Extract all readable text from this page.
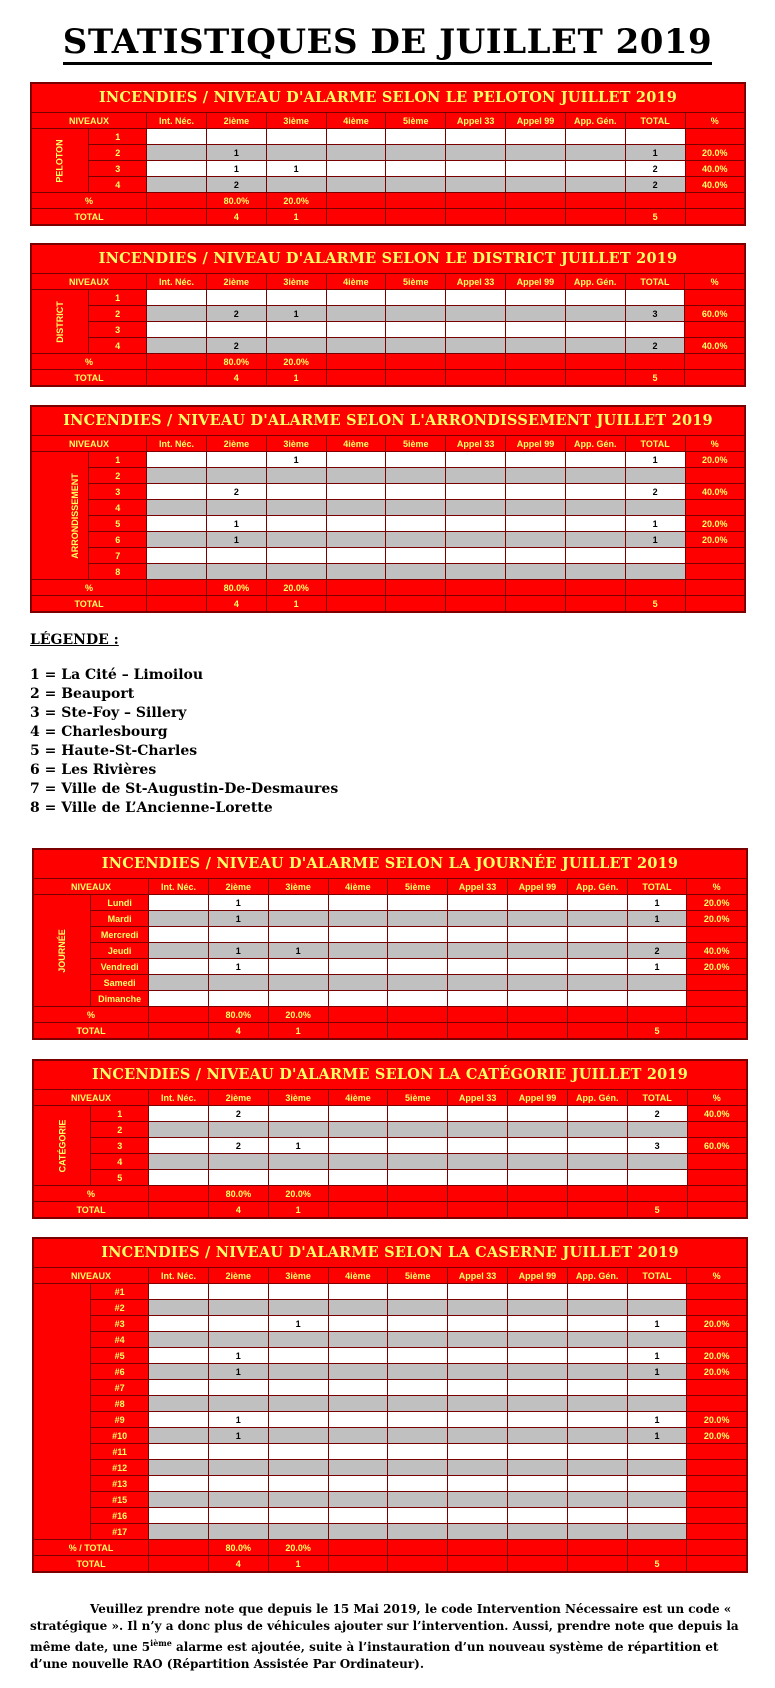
STATISTIQUES DE JUILLET 2019
INCENDIES / NIVEAU D'ALARME SELON LE PELOTON JUILLET 2019											
NIVEAUX		Int. Néc.	2ième	3ième	4ième	5ième	Appel 33	Appel 99	App. Gén.	TOTAL	%
PELOTON	1										
	2		1							1	20.0%
	3		1	1						2	40.0%
	4		2							2	40.0%
%			80.0%	20.0%							
TOTAL			4	1						5	
INCENDIES / NIVEAU D'ALARME SELON LE DISTRICT JUILLET 2019											
NIVEAUX		Int. Néc.	2ième	3ième	4ième	5ième	Appel 33	Appel 99	App. Gén.	TOTAL	%
DISTRICT	1										
	2		2	1						3	60.0%
	3										
	4		2							2	40.0%
%			80.0%	20.0%							
TOTAL			4	1						5	
INCENDIES / NIVEAU D'ALARME SELON L'ARRONDISSEMENT JUILLET 2019											
NIVEAUX		Int. Néc.	2ième	3ième	4ième	5ième	Appel 33	Appel 99	App. Gén.	TOTAL	%
ARRONDISSEMENT	1			1						1	20.0%
	2										
	3		2							2	40.0%
	4										
	5		1							1	20.0%
	6		1							1	20.0%
	7										
	8										
%			80.0%	20.0%							
TOTAL			4	1						5	
LÉGENDE :
1 = La Cité – Limoilou
2 = Beauport
3 = Ste-Foy – Sillery
4 = Charlesbourg
5 = Haute-St-Charles
6 = Les Rivières
7 = Ville de St-Augustin-De-Desmaures
8 = Ville de L’Ancienne-Lorette
INCENDIES / NIVEAU D'ALARME SELON LA JOURNÉE JUILLET 2019											
NIVEAUX		Int. Néc.	2ième	3ième	4ième	5ième	Appel 33	Appel 99	App. Gén.	TOTAL	%
JOURNÉE	Lundi		1							1	20.0%
	Mardi		1							1	20.0%
	Mercredi										
	Jeudi		1	1						2	40.0%
	Vendredi		1							1	20.0%
	Samedi										
	Dimanche										
%			80.0%	20.0%							
TOTAL			4	1						5	
INCENDIES / NIVEAU D'ALARME SELON LA CATÉGORIE JUILLET 2019											
NIVEAUX		Int. Néc.	2ième	3ième	4ième	5ième	Appel 33	Appel 99	App. Gén.	TOTAL	%
CATÉGORIE	1		2							2	40.0%
	2										
	3		2	1						3	60.0%
	4										
	5										
%			80.0%	20.0%							
TOTAL			4	1						5	
INCENDIES / NIVEAU D'ALARME SELON LA CASERNE JUILLET 2019											
NIVEAUX		Int. Néc.	2ième	3ième	4ième	5ième	Appel 33	Appel 99	App. Gén.	TOTAL	%
	#1										
	#2										
	#3			1						1	20.0%
	#4										
	#5		1							1	20.0%
	#6		1							1	20.0%
	#7										
	#8										
	#9		1							1	20.0%
	#10		1							1	20.0%
	#11										
	#12										
	#13										
	#15										
	#16										
	#17										
% / TOTAL			80.0%	20.0%							
TOTAL			4	1						5	
Veuillez prendre note que depuis le 15 Mai 2019, le code Intervention Nécessaire est un code « stratégique ». Il n’y a donc plus de véhicules ajouter sur l’intervention. Aussi, prendre note que depuis la même date, une 5ième alarme est ajoutée, suite à l’instauration d’un nouveau système de répartition et d’une nouvelle RAO (Répartition Assistée Par Ordinateur).
